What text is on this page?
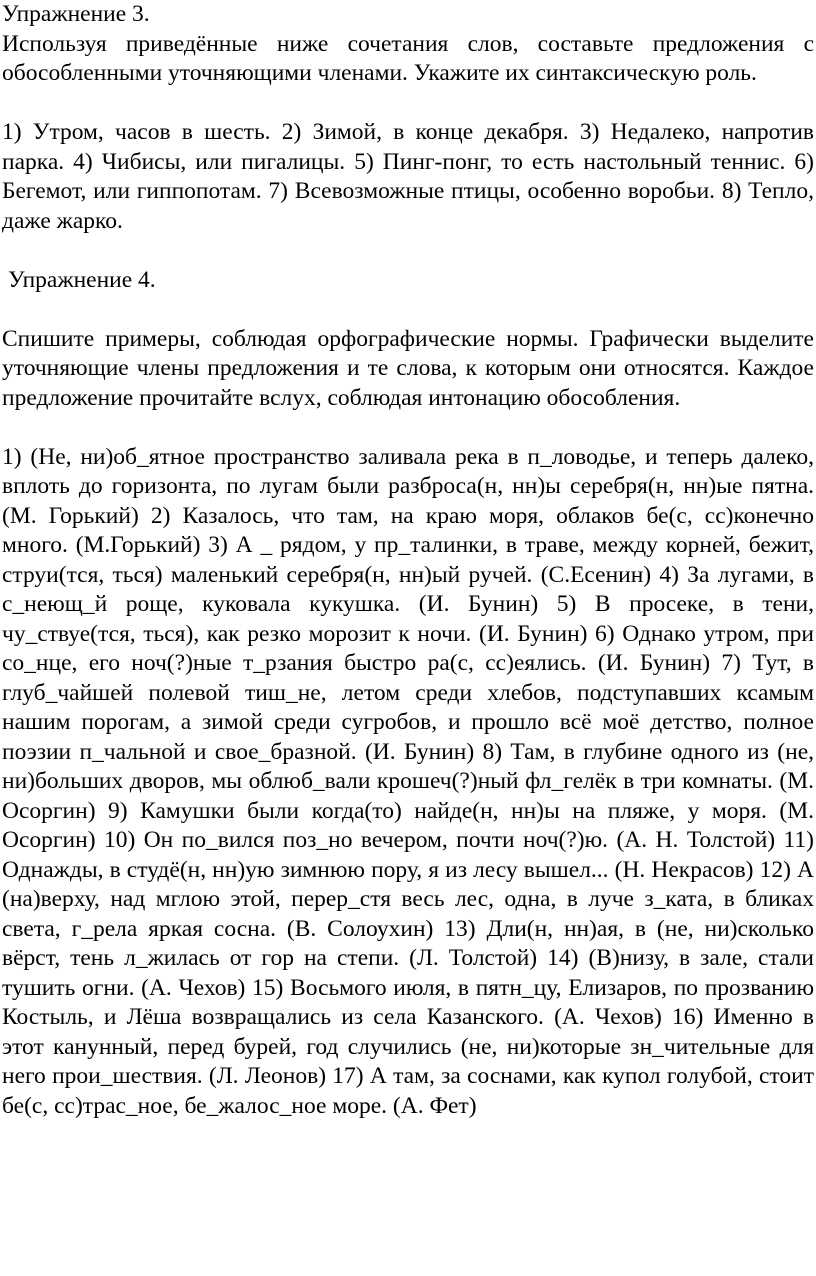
Упражнение 3.

Используя приведённые ниже сочетания слов, составьте предложения с обособленными уточняющими членами. Укажите их синтаксическую роль.

1) Утром, часов в шесть. 2) Зимой, в конце декабря. 3) Недалеко, напротив парка. 4) Чибисы, или пигалицы. 5) Пинг-понг, то есть настольный теннис. 6) Бегемот, или гиппопотам. 7) Всевозможные птицы, особенно воробьи. 8) Тепло, даже жарко.

Упражнение 4.

Спишите примеры, соблюдая орфографические нормы. Графически выделите уточняющие члены предложения и те слова, к которым они относятся. Каждое предложение прочитайте вслух, соблюдая интонацию обособления.

1) (Не, ни)об_ятное пространство заливала река в п_ловодье, и теперь далеко, вплоть до горизонта, по лугам были разброса(н, нн)ы серебря(н, нн)ые пятна. (М. Горький) 2) Казалось, что там, на краю моря, облаков бе(с, сс)конечно много. (М.Горький) 3) А _ рядом, у пр_талинки, в траве, между корней, бежит, струи(тся, ться) маленький серебря(н, нн)ый ручей. (С.Есенин) 4) За лугами, в с_неющ_й роще, куковала кукушка. (И. Бунин) 5) В просеке, в тени, чу_ствуе(тся, ться), как резко морозит к ночи. (И. Бунин) 6) Однако утром, при со_нце, его ноч(?)ные т_рзания быстро ра(с, сс)еялись. (И. Бунин) 7) Тут, в глуб_чайшей полевой тиш_не, летом среди хлебов, подступавших ксамым нашим порогам, а зимой среди сугробов, и прошло всё моё детство, полное поэзии п_чальной и свое_бразной. (И. Бунин) 8) Там, в глубине одного из (не, ни)больших дворов, мы облюб_вали крошеч(?)ный фл_гелёк в три комнаты. (М. Осоргин) 9) Камушки были когда(то) найде(н, нн)ы на пляже, у моря. (М. Осоргин) 10) Он по_вился поз_но вечером, почти ноч(?)ю. (А. Н. Толстой) 11) Однажды, в студё(н, нн)ую зимнюю пору, я из лесу вышел... (Н. Некрасов) 12) А (на)верху, над мглою этой, перер_стя весь лес, одна, в луче з_ката, в бликах света, г_рела яркая сосна. (В. Солоухин) 13) Дли(н, нн)ая, в (не, ни)сколько вёрст, тень л_жилась от гор на степи. (Л. Толстой) 14) (В)низу, в зале, стали тушить огни. (А. Чехов) 15) Восьмого июля, в пятн_цу, Елизаров, по прозванию Костыль, и Лёша возвращались из села Казанского. (А. Чехов) 16) Именно в этот канунный, перед бурей, год случились (не, ни)которые зн_чительные для него прои_шествия. (Л. Леонов) 17) А там, за соснами, как купол голубой, стоит бе(с, сс)трас_ное, бе_жалос_ное море. (А. Фет)
